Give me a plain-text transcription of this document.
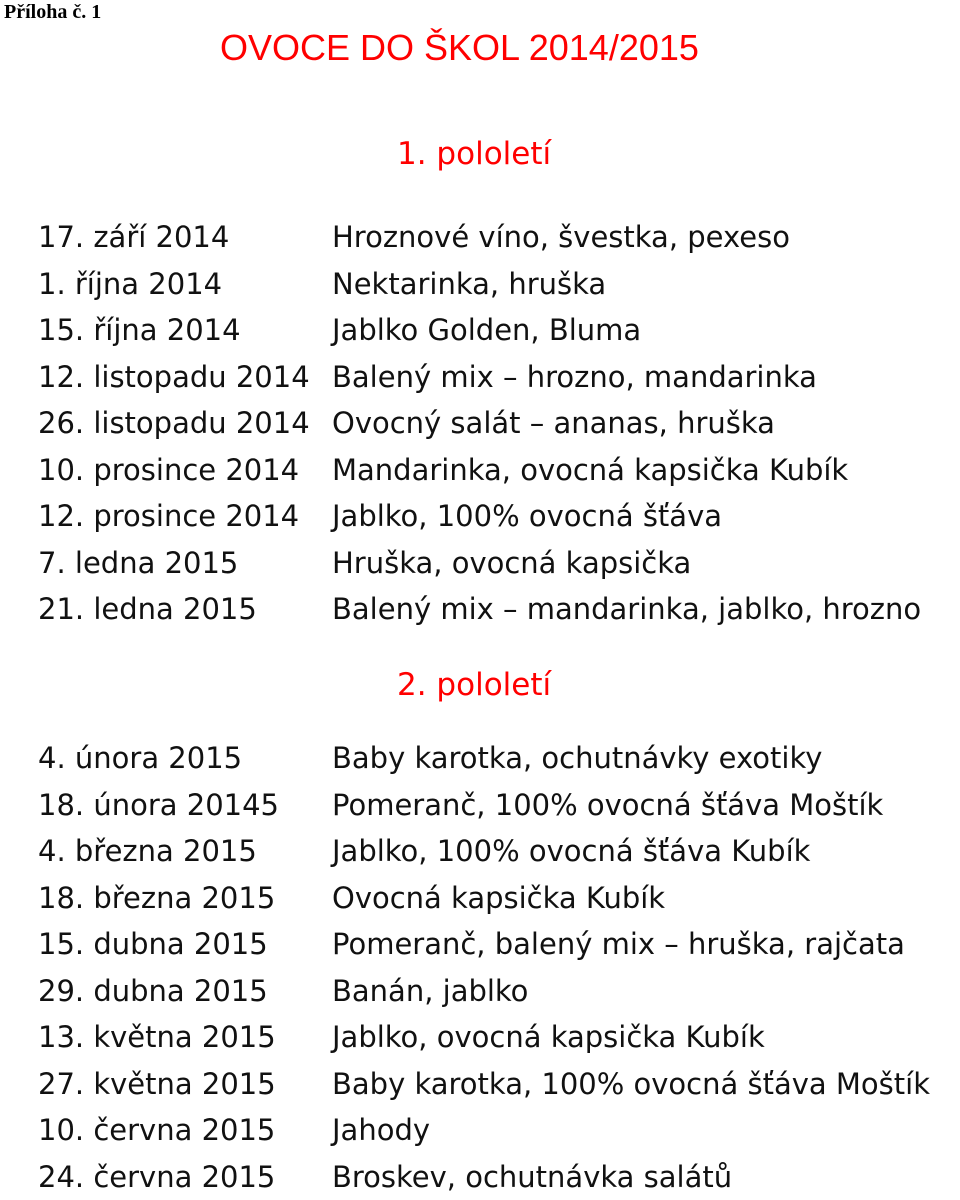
Příloha č. 1
OVOCE DO ŠKOL 2014/2015
1. pololetí
17. září 2014	Hroznové víno, švestka, pexeso
1. října 2014	Nektarinka, hruška
15. října 2014	Jablko Golden, Bluma
12. listopadu 2014 Balený mix – hrozno, mandarinka
26. listopadu 2014 Ovocný salát – ananas, hruška
10. prosince 2014	Mandarinka, ovocná kapsička Kubík
12. prosince 2014	Jablko, 100% ovocná šťáva
7. ledna 2015	Hruška, ovocná kapsička
21. ledna 2015	Balený mix – mandarinka, jablko, hrozno
2. pololetí
4. února 2015	Baby karotka, ochutnávky exotiky
18. února 20145	Pomeranč, 100% ovocná šťáva Moštík
4. března 2015	Jablko, 100% ovocná šťáva Kubík
18. března 2015	Ovocná kapsička Kubík
15. dubna 2015	Pomeranč, balený mix – hruška, rajčata
29. dubna 2015	Banán, jablko
13. května 2015	Jablko, ovocná kapsička Kubík
27. května 2015	Baby karotka, 100% ovocná šťáva Moštík
10. června 2015	Jahody
24. června 2015	Broskev, ochutnávka salátů
